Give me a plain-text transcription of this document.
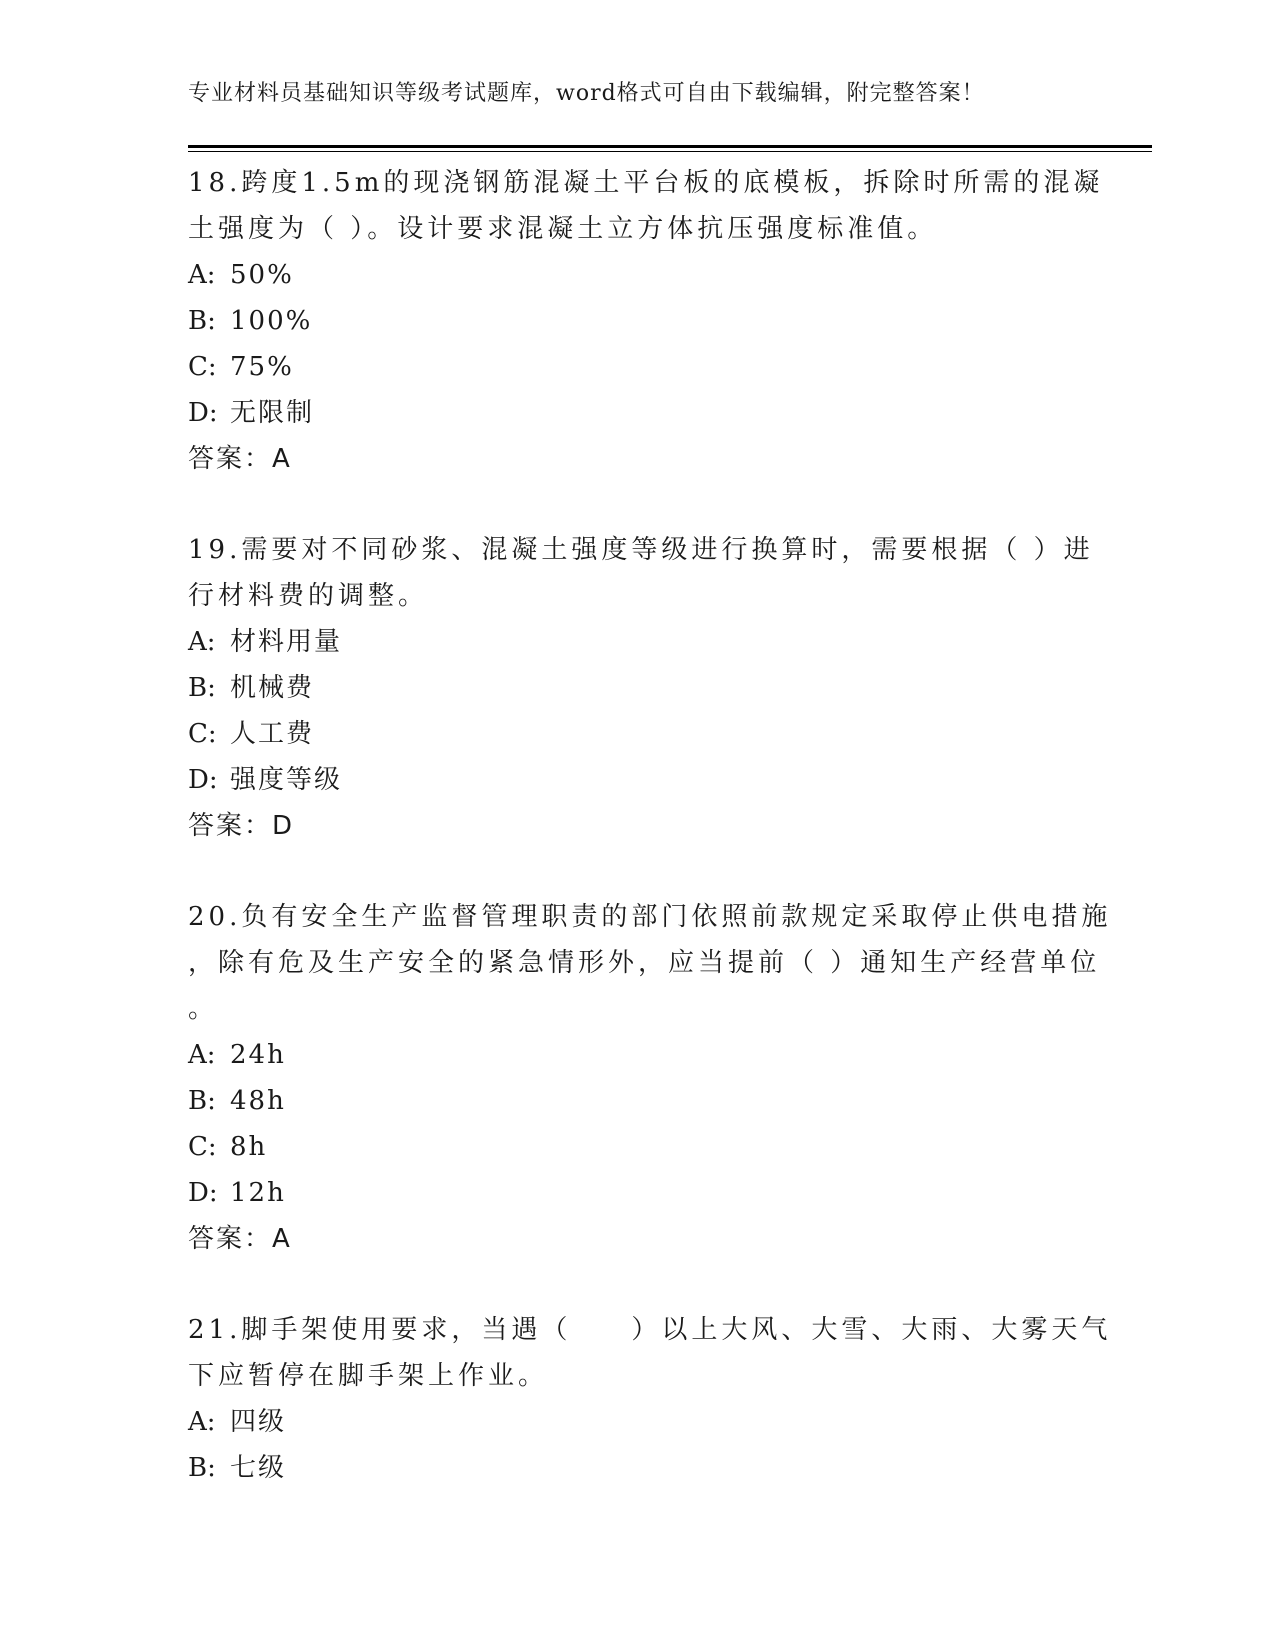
专业材料员基础知识等级考试题库，word格式可自由下载编辑，附完整答案！
18.跨度1.5m的现浇钢筋混凝土平台板的底模板，拆除时所需的混凝
土强度为（ ）。设计要求混凝土立方体抗压强度标准值。
A: 50%
B: 100%
C: 75%
D: 无限制
答案：A
19.需要对不同砂浆、混凝土强度等级进行换算时，需要根据（ ）进
行材料费的调整。
A: 材料用量
B: 机械费
C: 人工费
D: 强度等级
答案：D
20.负有安全生产监督管理职责的部门依照前款规定采取停止供电措施
，除有危及生产安全的紧急情形外，应当提前（ ）通知生产经营单位
。
A: 24h
B: 48h
C: 8h
D: 12h
答案：A
21.脚手架使用要求，当遇（　　）以上大风、大雪、大雨、大雾天气
下应暂停在脚手架上作业。
A: 四级
B: 七级
